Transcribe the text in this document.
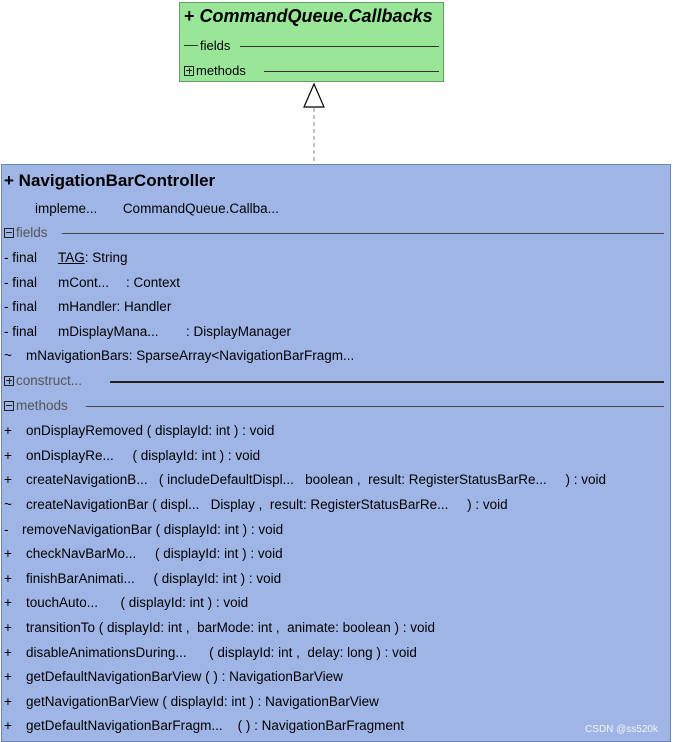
+ CommandQueue.Callbacks
fields
methods
+ NavigationBarController
impleme... CommandQueue.Callba...
fields
- final TAG: String
- final mCont... : Context
- final mHandler: Handler
- final mDisplayMana... : DisplayManager
~ mNavigationBars: SparseArray<NavigationBarFragm...
construct...
methods
+ onDisplayRemoved ( displayId: int ) : void
+ onDisplayRe...     ( displayId: int ) : void
+ createNavigationB...   ( includeDefaultDispl...   boolean ,  result: RegisterStatusBarRe...     ) : void
~ createNavigationBar ( displ...   Display ,  result: RegisterStatusBarRe...     ) : void
- removeNavigationBar ( displayId: int ) : void
+ checkNavBarMo...     ( displayId: int ) : void
+ finishBarAnimati...     ( displayId: int ) : void
+ touchAuto...      ( displayId: int ) : void
+ transitionTo ( displayId: int ,  barMode: int ,  animate: boolean ) : void
+ disableAnimationsDuring...      ( displayId: int ,  delay: long ) : void
+ getDefaultNavigationBarView ( ) : NavigationBarView
+ getNavigationBarView ( displayId: int ) : NavigationBarView
+ getDefaultNavigationBarFragm...    ( ) : NavigationBarFragment	CSDN @ss520k
